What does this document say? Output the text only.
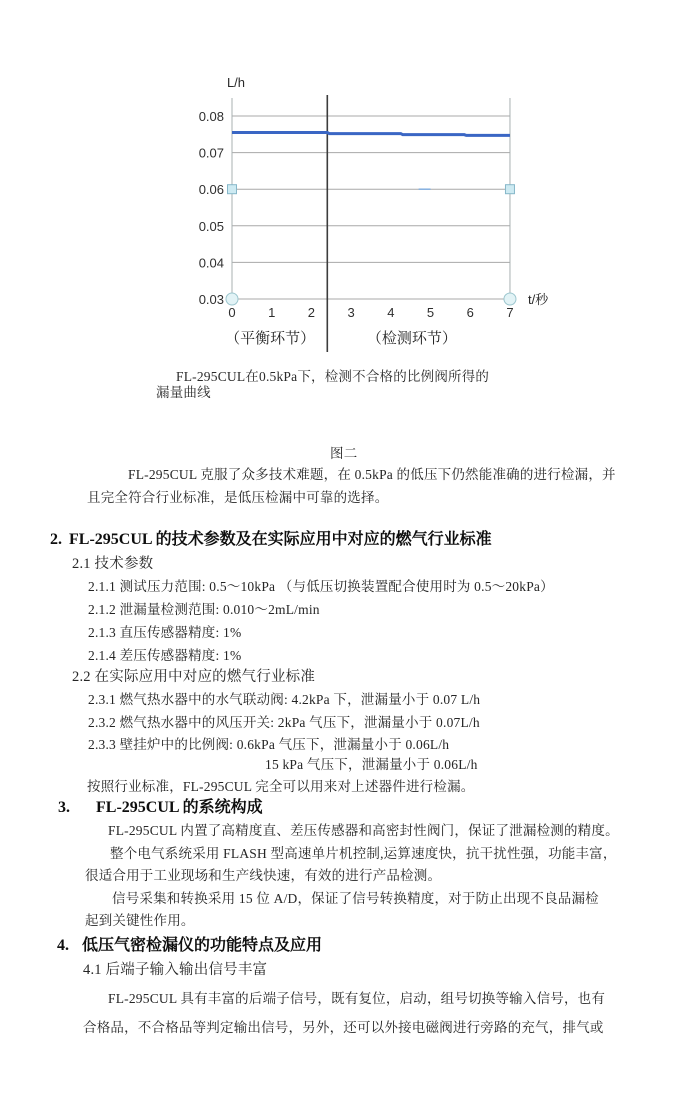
0.08
0.07
0.06
0.05
0.04
0.03
0 1 2 3 4 5 6 7
L/h
t/秒
（平衡环节）	（检测环节）
FL-295CUL在0.5kPa下，检测不合格的比例阀所得的
漏量曲线
图二
FL-295CUL 克服了众多技术难题，在 0.5kPa 的低压下仍然能准确的进行检漏，并
且完全符合行业标准，是低压检漏中可靠的选择。
2. FL-295CUL 的技术参数及在实际应用中对应的燃气行业标准
2.1 技术参数
2.1.1 测试压力范围: 0.5～10kPa （与低压切换装置配合使用时为 0.5～20kPa）
2.1.2 泄漏量检测范围: 0.010～2mL/min
2.1.3 直压传感器精度: 1%
2.1.4 差压传感器精度: 1%
2.2 在实际应用中对应的燃气行业标准
2.3.1 燃气热水器中的水气联动阀: 4.2kPa 下，泄漏量小于 0.07 L/h
2.3.2 燃气热水器中的风压开关: 2kPa 气压下，泄漏量小于 0.07L/h
2.3.3 壁挂炉中的比例阀: 0.6kPa 气压下，泄漏量小于 0.06L/h
15 kPa 气压下，泄漏量小于 0.06L/h
按照行业标准，FL-295CUL 完全可以用来对上述器件进行检漏。
3. FL-295CUL 的系统构成
FL-295CUL 内置了高精度直、差压传感器和高密封性阀门，保证了泄漏检测的精度。
整个电气系统采用 FLASH 型高速单片机控制,运算速度快，抗干扰性强，功能丰富，
很适合用于工业现场和生产线快速，有效的进行产品检测。
信号采集和转换采用 15 位 A/D，保证了信号转换精度，对于防止出现不良品漏检
起到关键性作用。
4. 低压气密检漏仪的功能特点及应用
4.1 后端子输入输出信号丰富
FL-295CUL 具有丰富的后端子信号，既有复位，启动，组号切换等输入信号，也有
合格品，不合格品等判定输出信号，另外，还可以外接电磁阀进行旁路的充气，排气或
